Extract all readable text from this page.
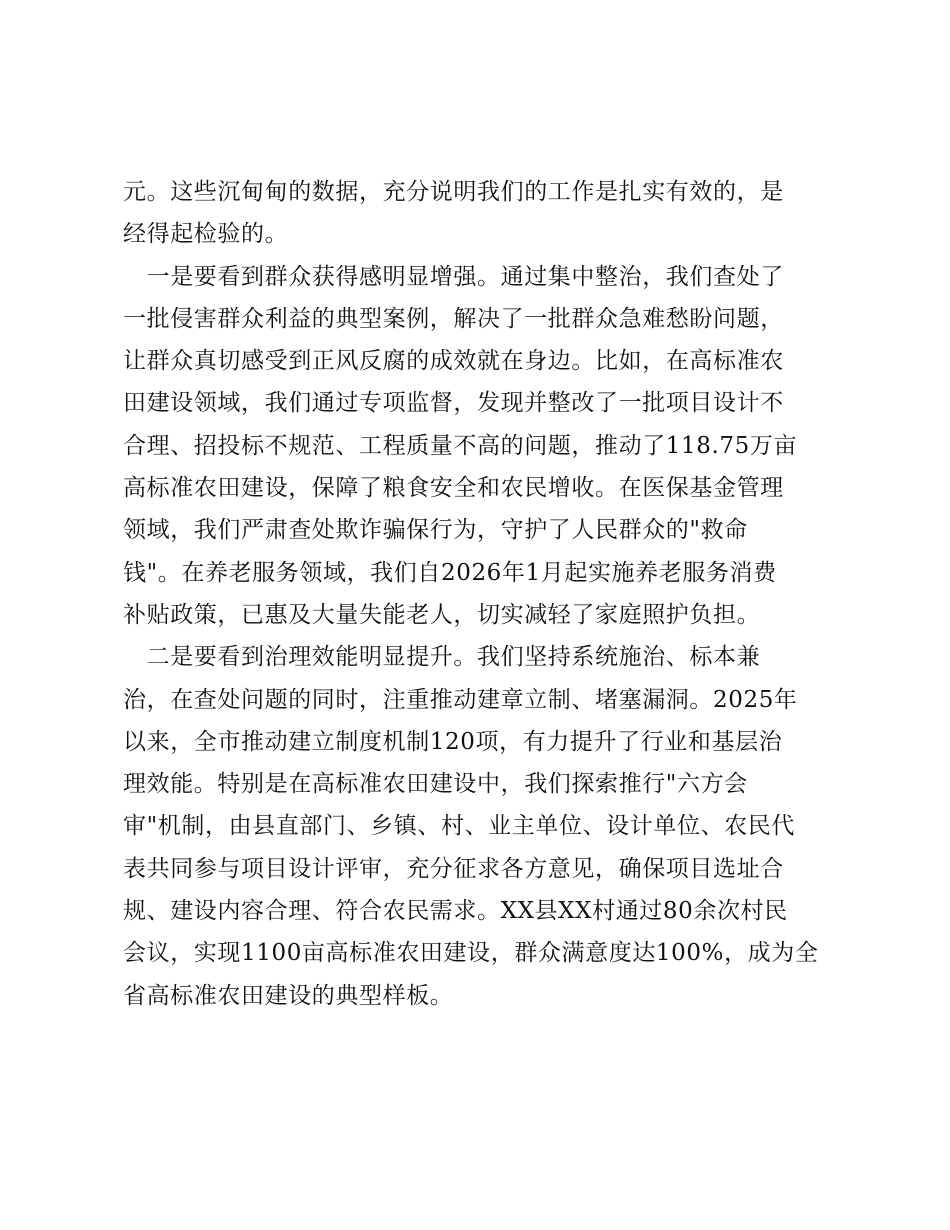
元。这些沉甸甸的数据，充分说明我们的工作是扎实有效的，是
经得起检验的。
　一是要看到群众获得感明显增强。通过集中整治，我们查处了
一批侵害群众利益的典型案例，解决了一批群众急难愁盼问题，
让群众真切感受到正风反腐的成效就在身边。比如，在高标准农
田建设领域，我们通过专项监督，发现并整改了一批项目设计不
合理、招投标不规范、工程质量不高的问题，推动了118.75万亩
高标准农田建设，保障了粮食安全和农民增收。在医保基金管理
领域，我们严肃查处欺诈骗保行为，守护了人民群众的"救命
钱"。在养老服务领域，我们自2026年1月起实施养老服务消费
补贴政策，已惠及大量失能老人，切实减轻了家庭照护负担。
　二是要看到治理效能明显提升。我们坚持系统施治、标本兼
治，在查处问题的同时，注重推动建章立制、堵塞漏洞。2025年
以来，全市推动建立制度机制120项，有力提升了行业和基层治
理效能。特别是在高标准农田建设中，我们探索推行"六方会
审"机制，由县直部门、乡镇、村、业主单位、设计单位、农民代
表共同参与项目设计评审，充分征求各方意见，确保项目选址合
规、建设内容合理、符合农民需求。XX县XX村通过80余次村民
会议，实现1100亩高标准农田建设，群众满意度达100%，成为全
省高标准农田建设的典型样板。
